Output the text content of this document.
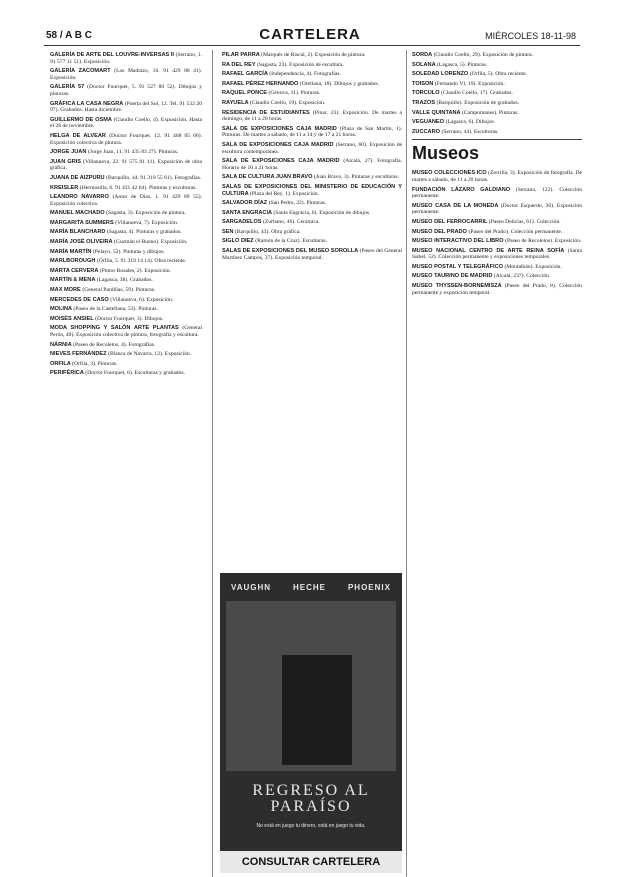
58 / A B C	CARTELERA	MIÉRCOLES 18-11-98
GALERÍA DE ARTE DEL LOUVRE-INVERSAS II (Serrano, 1. 91 577 11 51). Exposición.
GALERÍA ZACOMART (Los Madrazo, 16. 91 429 88 41). Exposición.
GALERÍA 57 (Doctor Fourquet, 5. 91 527 80 52). Dibujos y pinturas.
GRÁFICA LA CASA NEGRA (Puerta del Sol, 12. Tel. 91 532 20 97). Grabados. Hasta diciembre.
GUILLERMO DE OSMA (Claudio Coello, 4). Exposición. Hasta el 28 de noviembre.
HELGA DE ALVEAR (Doctor Fourquet, 12. 91 468 05 06). Exposición colectiva de pintura.
JORGE JUAN (Jorge Juan, 11. 91 435 83 27). Pinturas.
JUAN GRIS (Villanueva, 22. 91 575 01 11). Exposición de obra gráfica.
JUANA DE AIZPURU (Barquillo, 44. 91 310 55 61). Fotografías.
KREISLER (Hermosilla, 6. 91 431 42 64). Pinturas y esculturas.
LEANDRO NAVARRO (Amor de Dios, 1. 91 429 89 55). Exposición colectiva.
MANUEL MACHADO (Sagasta, 3). Exposición de pintura.
MARGARITA SUMMERS (Villanueva, 7). Exposición.
MARÍA BLANCHARD (Sagasta, 4). Pinturas y grabados.
MARÍA JOSÉ OLIVEIRA (Guzmán el Bueno). Exposición.
MARÍA MARTÍN (Pelayo, 52). Pinturas y dibujos.
MARLBOROUGH (Orfila, 5. 91 319 14 14). Obra reciente.
MARTA CERVERA (Pintor Rosales, 2). Exposición.
MARTÍN & MENA (Lagasca, 38). Grabados.
MAX MORE (General Pardiñas, 59). Pinturas.
MERCEDES DE CASO (Villanueva, 6). Exposición.
MOLINA (Paseo de la Castellana, 53). Pinturas.
MOISÉS ANSIEL (Doctor Fourquet, 3). Dibujos.
MODA SHOPPING Y SALÓN ARTE PLANTAS (General Perón, 40). Exposición colectiva de pintura, fotografía y escultura.
NÁRNIA (Paseo de Recoletos, 4). Fotografías.
NIEVES FERNÁNDEZ (Blanca de Navarra, 12). Exposición.
ORFILA (Orfila, 3). Pinturas.
PERIFÉRICA (Doctor Fourquet, 6). Esculturas y grabados.
PILAR PARRA (Marqués de Riscal, 2). Exposición de pintura.
RA DEL REY (Sagasta, 23). Exposición de escultura.
RAFAEL GARCÍA (Independencia, 4). Fotografías.
RAFAEL PÉREZ HERNANDO (Orellana, 18). Dibujos y grabados.
RAQUEL PONCE (Génova, 11). Pinturas.
RAYUELA (Claudio Coello, 19). Exposición.
RESIDENCIA DE ESTUDIANTES (Pinar, 23). Exposición. De martes a domingo, de 11 a 20 horas.
SALA DE EXPOSICIONES CAJA MADRID (Plaza de San Martín, 1). Pinturas. De martes a sábado, de 11 a 14 y de 17 a 21 horas.
SALA DE EXPOSICIONES CAJA MADRID (Serrano, 60). Exposición de escultura contemporánea.
SALA DE EXPOSICIONES CAJA MADRID (Alcalá, 27). Fotografía. Horario de 10 a 21 horas.
SALA DE CULTURA JUAN BRAVO (Juan Bravo, 3). Pinturas y esculturas.
SALAS DE EXPOSICIONES DEL MINISTERIO DE EDUCACIÓN Y CULTURA (Plaza del Rey, 1). Exposición.
SALVADOR DÍAZ (San Pedro, 22). Pinturas.
SANTA ENGRACIA (Santa Engracia, 6). Exposición de dibujos.
SARGADELOS (Zurbano, 46). Cerámica.
SEN (Barquillo, 43). Obra gráfica.
SIGLO DIEZ (Ramón de la Cruz). Esculturas.
SALAS DE EXPOSICIONES DEL MUSEO SOROLLA (Paseo del General Martínez Campos, 37). Exposición temporal.
SORDA (Claudio Coello, 29). Exposición de pintura.
SOLANA (Lagasca, 5). Pinturas.
SOLEDAD LORENZO (Orfila, 5). Obra reciente.
TOISON (Fernando VI, 19). Exposición.
TORCULO (Claudio Coello, 17). Grabados.
TRAZOS (Barquillo). Exposición de grabados.
VALLE QUINTANA (Campomanes). Pinturas.
VEGUANEO (Lagasca, 6). Dibujos.
ZUCCARO (Serrano, 44). Esculturas.
Museos
MUSEO COLECCIONES ICO (Zorrilla, 3). Exposición de fotografía. De martes a sábado, de 11 a 20 horas.
FUNDACIÓN LÁZARO GALDIANO (Serrano, 122). Colección permanente.
MUSEO CASA DE LA MONEDA (Doctor Esquerdo, 36). Exposición permanente.
MUSEO DEL FERROCARRIL (Paseo Delicias, 61). Colección.
MUSEO DEL PRADO (Paseo del Prado). Colección permanente.
MUSEO INTERACTIVO DEL LIBRO (Paseo de Recoletos). Exposición.
MUSEO NACIONAL CENTRO DE ARTE REINA SOFÍA (Santa Isabel, 52). Colección permanente y exposiciones temporales.
MUSEO POSTAL Y TELEGRÁFICO (Montalbán). Exposición.
MUSEO TAURINO DE MADRID (Alcalá, 237). Colección.
MUSEO THYSSEN-BORNEMISZA (Paseo del Prado, 8). Colección permanente y exposición temporal.
VAUGHN	HECHE	PHOENIX
REGRESO AL PARAÍSO
No está en juego tu dinero, está en juego tu vida.
CONSULTAR CARTELERA
